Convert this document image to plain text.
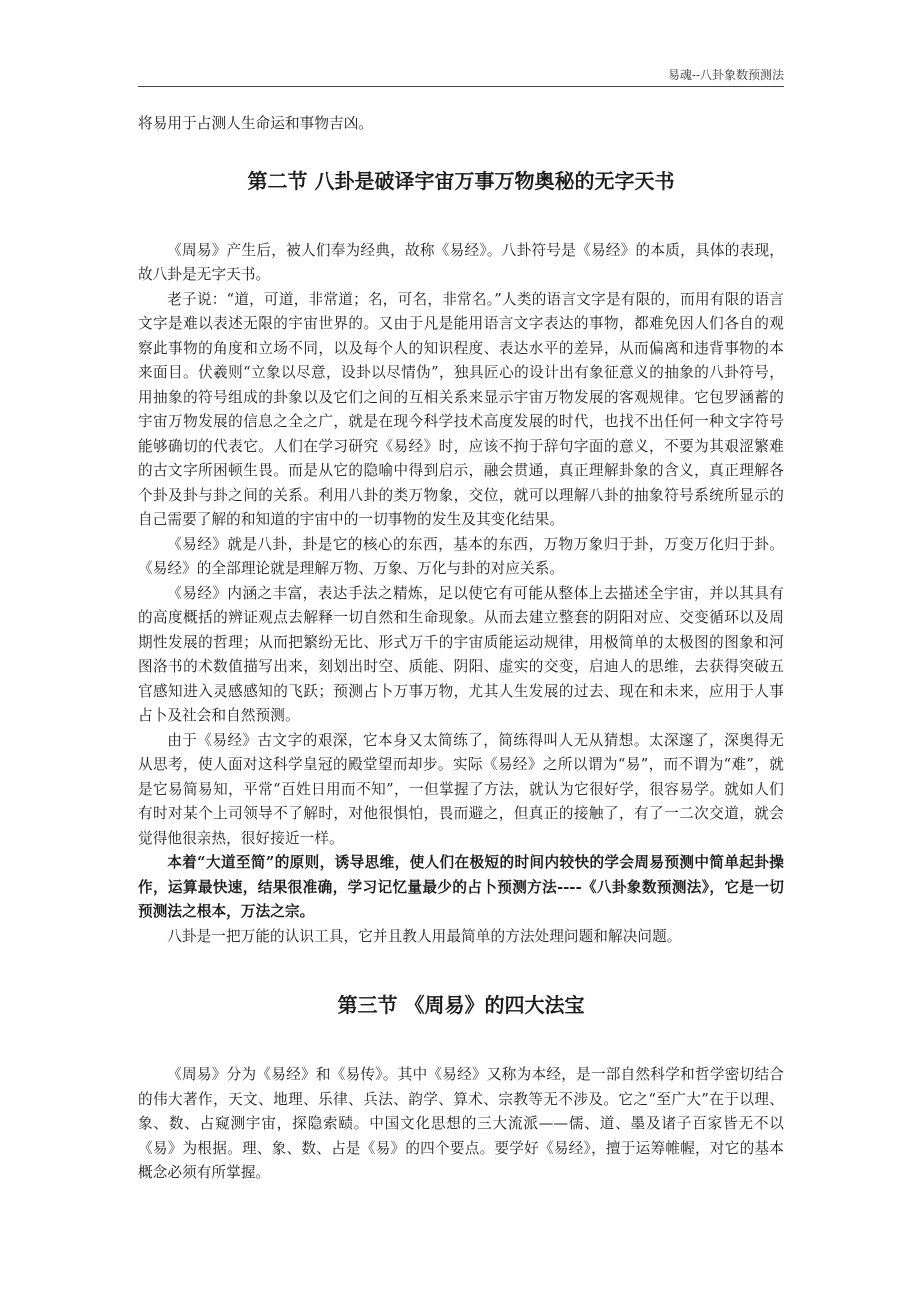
易魂--八卦象数预测法

将易用于占测人生命运和事物吉凶。

第二节 八卦是破译宇宙万事万物奥秘的无字天书

《周易》产生后，被人们奉为经典，故称《易经》。八卦符号是《易经》的本质，具体的表现，故八卦是无字天书。

老子说：“道，可道，非常道；名，可名，非常名。”人类的语言文字是有限的，而用有限的语言文字是难以表述无限的宇宙世界的。又由于凡是能用语言文字表达的事物，都难免因人们各自的观察此事物的角度和立场不同，以及每个人的知识程度、表达水平的差异，从而偏离和违背事物的本来面目。伏羲则“立象以尽意，设卦以尽情伪”，独具匠心的设计出有象征意义的抽象的八卦符号，用抽象的符号组成的卦象以及它们之间的互相关系来显示宇宙万物发展的客观规律。它包罗涵蓄的宇宙万物发展的信息之全之广，就是在现今科学技术高度发展的时代，也找不出任何一种文字符号能够确切的代表它。人们在学习研究《易经》时，应该不拘于辞句字面的意义，不要为其艰涩繁难的古文字所困顿生畏。而是从它的隐喻中得到启示，融会贯通，真正理解卦象的含义，真正理解各个卦及卦与卦之间的关系。利用八卦的类万物象，交位，就可以理解八卦的抽象符号系统所显示的自己需要了解的和知道的宇宙中的一切事物的发生及其变化结果。

《易经》就是八卦，卦是它的核心的东西，基本的东西，万物万象归于卦，万变万化归于卦。《易经》的全部理论就是理解万物、万象、万化与卦的对应关系。

《易经》内涵之丰富，表达手法之精炼，足以使它有可能从整体上去描述全宇宙，并以其具有的高度概括的辨证观点去解释一切自然和生命现象。从而去建立整套的阴阳对应、交变循环以及周期性发展的哲理；从而把繁纷无比、形式万千的宇宙质能运动规律，用极简单的太极图的图象和河图洛书的术数值描写出来，刻划出时空、质能、阴阳、虚实的交变，启迪人的思维，去获得突破五官感知进入灵感感知的飞跃；预测占卜万事万物，尤其人生发展的过去、现在和未来，应用于人事占卜及社会和自然预测。

由于《易经》古文字的艰深，它本身又太简练了，简练得叫人无从猜想。太深邃了，深奥得无从思考，使人面对这科学皇冠的殿堂望而却步。实际《易经》之所以谓为“易”，而不谓为“难”，就是它易简易知，平常“百姓日用而不知”，一但掌握了方法，就认为它很好学，很容易学。就如人们有时对某个上司领导不了解时，对他很惧怕，畏而避之，但真正的接触了，有了一二次交道，就会觉得他很亲热，很好接近一样。

本着“大道至简”的原则，诱导思维，使人们在极短的时间内较快的学会周易预测中简单起卦操作，运算最快速，结果很准确，学习记忆量最少的占卜预测方法----《八卦象数预测法》，它是一切预测法之根本，万法之宗。

八卦是一把万能的认识工具，它并且教人用最简单的方法处理问题和解决问题。

第三节 《周易》的四大法宝

《周易》分为《易经》和《易传》。其中《易经》又称为本经，是一部自然科学和哲学密切结合的伟大著作，天文、地理、乐律、兵法、韵学、算术、宗教等无不涉及。它之“至广大”在于以理、象、数、占窥测宇宙，探隐索赜。中国文化思想的三大流派——儒、道、墨及诸子百家皆无不以《易》为根据。理、象、数、占是《易》的四个要点。要学好《易经》，擅于运筹帷幄，对它的基本概念必须有所掌握。
